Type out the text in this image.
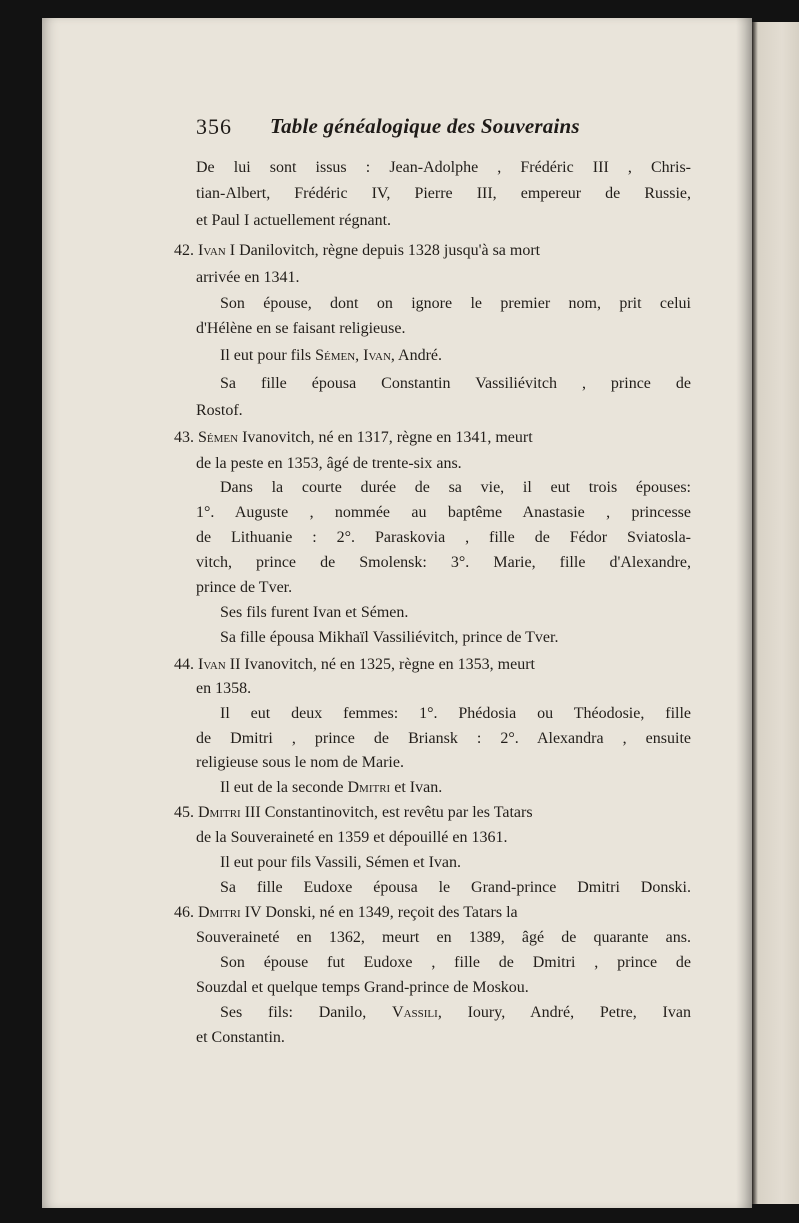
356 Table généalogique des Souverains
De lui sont issus : Jean-Adolphe , Frédéric III , Chris-
tian-Albert, Frédéric IV, Pierre III, empereur de Russie,
et Paul I actuellement régnant.
42. Ivan I Danilovitch, règne depuis 1328 jusqu'à sa mort
arrivée en 1341.
Son épouse, dont on ignore le premier nom, prit celui
d'Hélène en se faisant religieuse.
Il eut pour fils Sémen, Ivan, André.
Sa fille épousa Constantin Vassiliévitch , prince de
Rostof.
43. Sémen Ivanovitch, né en 1317, règne en 1341, meurt
de la peste en 1353, âgé de trente-six ans.
Dans la courte durée de sa vie, il eut trois épouses:
1°. Auguste , nommée au baptême Anastasie , princesse
de Lithuanie : 2°. Paraskovia , fille de Fédor Sviatosla-
vitch, prince de Smolensk: 3°. Marie, fille d'Alexandre,
prince de Tver.
Ses fils furent Ivan et Sémen.
Sa fille épousa Mikhaïl Vassiliévitch, prince de Tver.
44. Ivan II Ivanovitch, né en 1325, règne en 1353, meurt
en 1358.
Il eut deux femmes: 1°. Phédosia ou Théodosie, fille
de Dmitri , prince de Briansk : 2°. Alexandra , ensuite
religieuse sous le nom de Marie.
Il eut de la seconde Dmitri et Ivan.
45. Dmitri III Constantinovitch, est revêtu par les Tatars
de la Souveraineté en 1359 et dépouillé en 1361.
Il eut pour fils Vassili, Sémen et Ivan.
Sa fille Eudoxe épousa le Grand-prince Dmitri Donski.
46. Dmitri IV Donski, né en 1349, reçoit des Tatars la
Souveraineté en 1362, meurt en 1389, âgé de quarante ans.
Son épouse fut Eudoxe , fille de Dmitri , prince de
Souzdal et quelque temps Grand-prince de Moskou.
Ses fils: Danilo, Vassili, Ioury, André, Petre, Ivan
et Constantin.
